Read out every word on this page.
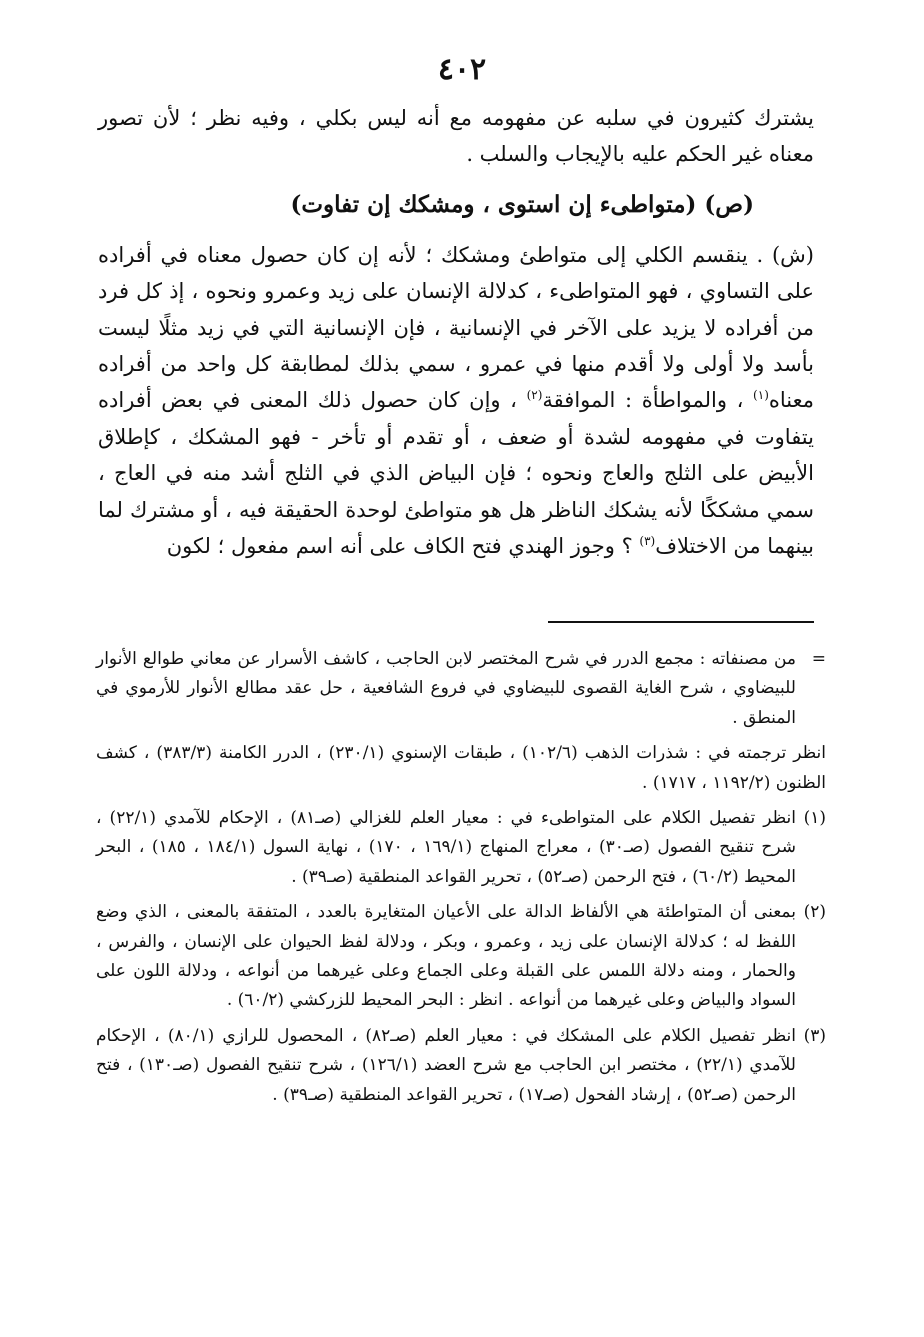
٤٠٢

يشترك كثيرون في سلبه عن مفهومه مع أنه ليس بكلي ، وفيه نظر ؛ لأن تصور معناه غير الحكم عليه بالإيجاب والسلب .

(ص) (متواطىء إن استوى ، ومشكك إن تفاوت)

(ش) . ينقسم الكلي إلى متواطئ ومشكك ؛ لأنه إن كان حصول معناه في أفراده على التساوي ، فهو المتواطىء ، كدلالة الإنسان على زيد وعمرو ونحوه ، إذ كل فرد من أفراده لا يزيد على الآخر في الإنسانية ، فإن الإنسانية التي في زيد مثلًا ليست بأسد ولا أولى ولا أقدم منها في عمرو ، سمي بذلك لمطابقة كل واحد من أفراده معناه$^{(١)}$ ، والمواطأة : الموافقة$^{(٢)}$ ، وإن كان حصول ذلك المعنى في بعض أفراده يتفاوت في مفهومه لشدة أو ضعف ، أو تقدم أو تأخر - فهو المشكك ، كإطلاق الأبيض على الثلج والعاج ونحوه ؛ فإن البياض الذي في الثلج أشد منه في العاج ، سمي مشككًا لأنه يشكك الناظر هل هو متواطئ لوحدة الحقيقة فيه ، أو مشترك لما بينهما من الاختلاف$^{(٣)}$ ؟ وجوز الهندي فتح الكاف على أنه اسم مفعول ؛ لكون

=
من مصنفاته : مجمع الدرر في شرح المختصر لابن الحاجب ، كاشف الأسرار عن معاني طوالع الأنوار للبيضاوي ، شرح الغاية القصوى للبيضاوي في فروع الشافعية ، حل عقد مطالع الأنوار للأرموي في المنطق .
انظر ترجمته في : شذرات الذهب (١٠٢/٦) ، طبقات الإسنوي (٢٣٠/١) ، الدرر الكامنة (٣٨٣/٣) ، كشف الظنون (١١٩٢/٢ ، ١٧١٧) .
(١)
انظر تفصيل الكلام على المتواطىء في : معيار العلم للغزالي (صـ٨١) ، الإحكام للآمدي (٢٢/١) ، شرح تنقيح الفصول (صـ٣٠) ، معراج المنهاج (١٦٩/١ ، ١٧٠) ، نهاية السول (١٨٤/١ ، ١٨٥) ، البحر المحيط (٦٠/٢) ، فتح الرحمن (صـ٥٢) ، تحرير القواعد المنطقية (صـ٣٩) .
(٢)
بمعنى أن المتواطئة هي الألفاظ الدالة على الأعيان المتغايرة بالعدد ، المتفقة بالمعنى ، الذي وضع اللفظ له ؛ كدلالة الإنسان على زيد ، وعمرو ، وبكر ، ودلالة لفظ الحيوان على الإنسان ، والفرس ، والحمار ، ومنه دلالة اللمس على القبلة وعلى الجماع وعلى غيرهما من أنواعه ، ودلالة اللون على السواد والبياض وعلى غيرهما من أنواعه . انظر : البحر المحيط للزركشي (٦٠/٢) .
(٣)
انظر تفصيل الكلام على المشكك في : معيار العلم (صـ٨٢) ، المحصول للرازي (٨٠/١) ، الإحكام للآمدي (٢٢/١) ، مختصر ابن الحاجب مع شرح العضد (١٢٦/١) ، شرح تنقيح الفصول (صـ١٣٠) ، فتح الرحمن (صـ٥٢) ، إرشاد الفحول (صـ١٧) ، تحرير القواعد المنطقية (صـ٣٩) .
